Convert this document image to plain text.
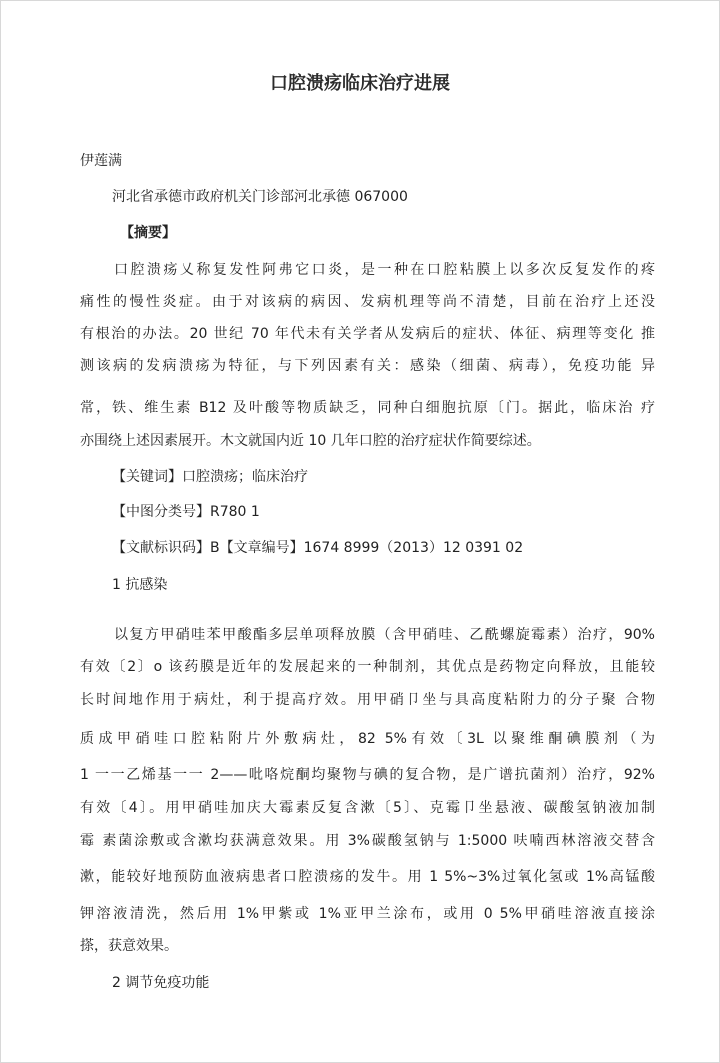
口腔溃疡临床治疗进展

伊莲满

河北省承德市政府机关门诊部河北承德 067000

【摘要】

口腔溃疡乂称复发性阿弗它口炎，是一种在口腔粘膜上以多次反复发作的疼

痛性的慢性炎症。由于对该病的病因、发病机理等尚不清楚，目前在治疗上还没

有根治的办法。20 世纪 70 年代未有关学者从发病后的症状、体征、病理等变化 推

测该病的发病溃疡为特征，与下列因素有关：感染（细菌、病毒），免疫功能 异

常，铁、维生素 B12 及叶酸等物质缺乏，同种白细胞抗原〔门。据此，临床治 疗

亦围绕上述因素展开。木文就国内近 10 几年口腔的治疗症状作简要综述。

【关键词】口腔溃疡；临床治疗

【中图分类号】R780 1

【文献标识码】B【文章编号】1674 8999（2013）12 0391 02

1 抗感染

以复方甲硝哇苯甲酸酯多层单项释放膜（含甲硝哇、乙酰螺旋霉素）治疗，90%

有效〔2〕o 该药膜是近年的发展起来的一种制剂，其优点是药物定向释放，且能较

长时间地作用于病灶，利于提高疗效。用甲硝卩坐与具高度粘附力的分子聚 合物

质成甲硝哇口腔粘附片外敷病灶，82 5%有效〔3L 以聚维酮碘膜剂（为

1 一一乙烯基一一 2——吡咯烷酮均聚物与碘的复合物，是广谱抗菌剂）治疗，92%

有效〔4〕。用甲硝哇加庆大霉素反复含漱〔5〕、克霉卩坐悬液、碳酸氢钠液加制

霉 素菌涂敷或含漱均获满意效果。用 3%碳酸氢钠与 1:5000 呋喃西林溶液交替含

漱，能较好地预防血液病患者口腔溃疡的发牛。用 1 5%~3%过氧化氢或 1%高锰酸

钾溶液清洗，然后用 1%甲紫或 1%亚甲兰涂布，或用 0 5%甲硝哇溶液直接涂

搽，获意效果。

2 调节免疫功能
